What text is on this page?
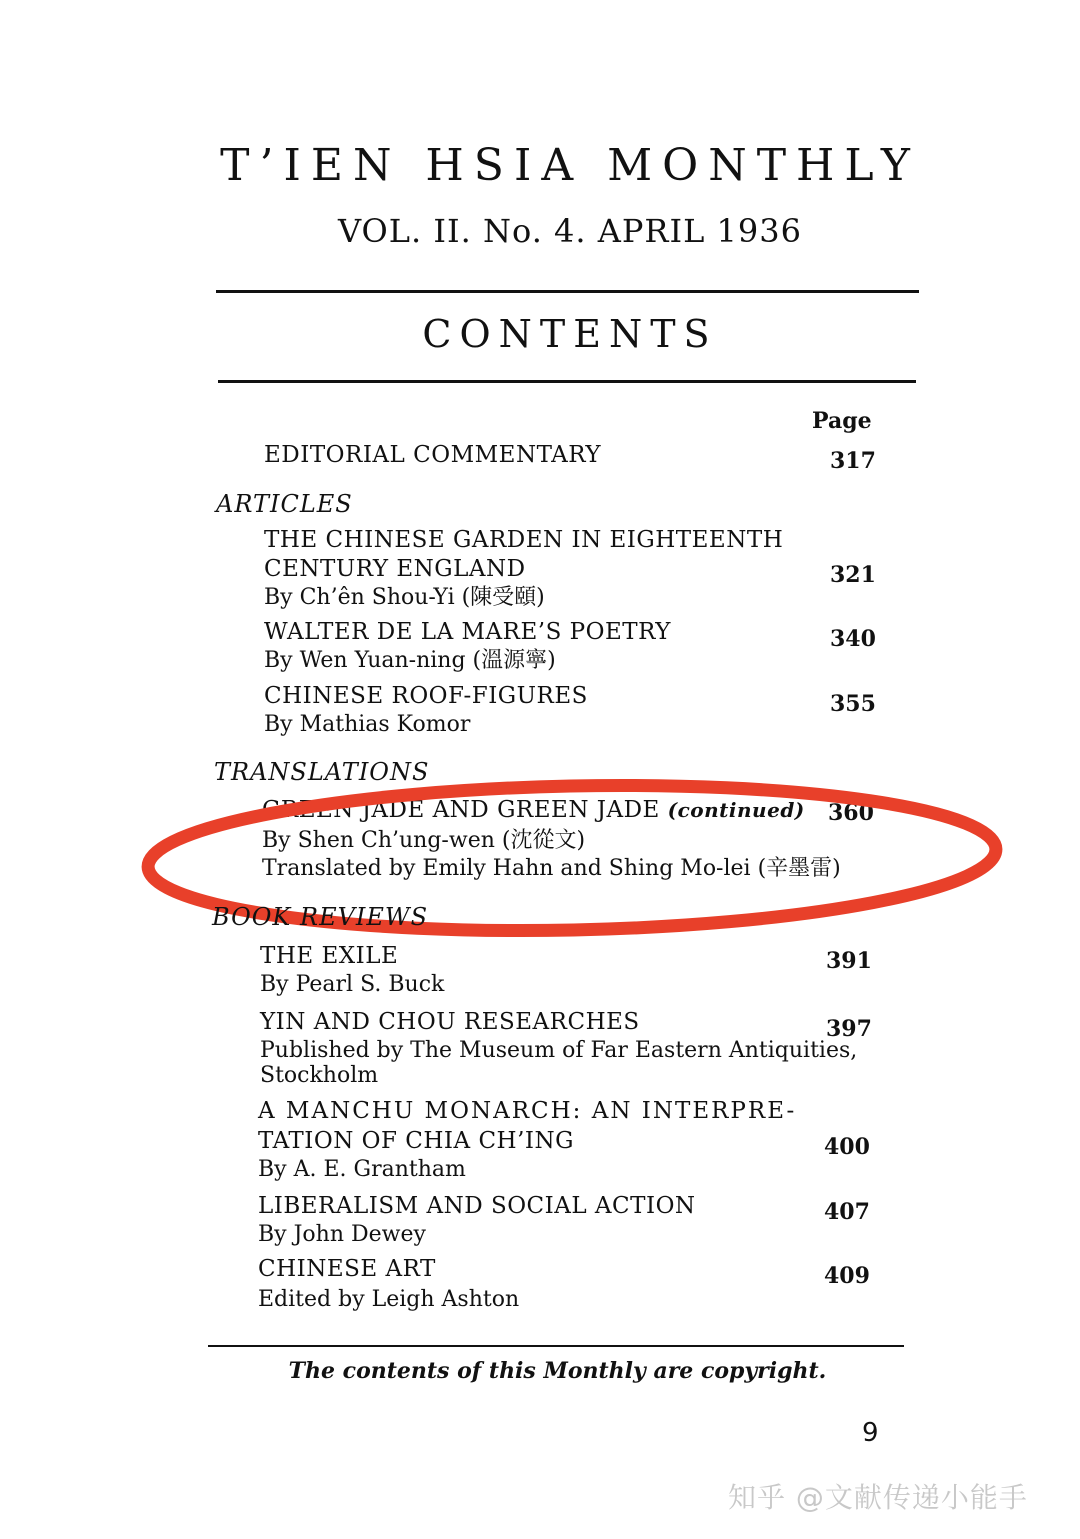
T’IEN HSIA MONTHLY
VOL. II. No. 4. APRIL 1936
CONTENTS
Page
EDITORIAL COMMENTARY	317
ARTICLES
THE CHINESE GARDEN IN EIGHTEENTH
CENTURY ENGLAND	321
By Ch’ên Shou-Yi (陳受頤)
WALTER DE LA MARE’S POETRY	340
By Wen Yuan-ning (溫源寧)
CHINESE ROOF-FIGURES	355
By Mathias Komor
TRANSLATIONS
GREEN JADE AND GREEN JADE (continued) 360
By Shen Ch’ung-wen (沈從文)
Translated by Emily Hahn and Shing Mo-lei (辛墨雷)
BOOK REVIEWS
THE EXILE	391
By Pearl S. Buck
YIN AND CHOU RESEARCHES	397
Published by The Museum of Far Eastern Antiquities,
Stockholm
A MANCHU MONARCH: AN INTERPRE-
TATION OF CHIA CH’ING	400
By A. E. Grantham
LIBERALISM AND SOCIAL ACTION	407
By John Dewey
CHINESE ART	409
Edited by Leigh Ashton
The contents of this Monthly are copyright.
9
知乎 @文献传递小能手
